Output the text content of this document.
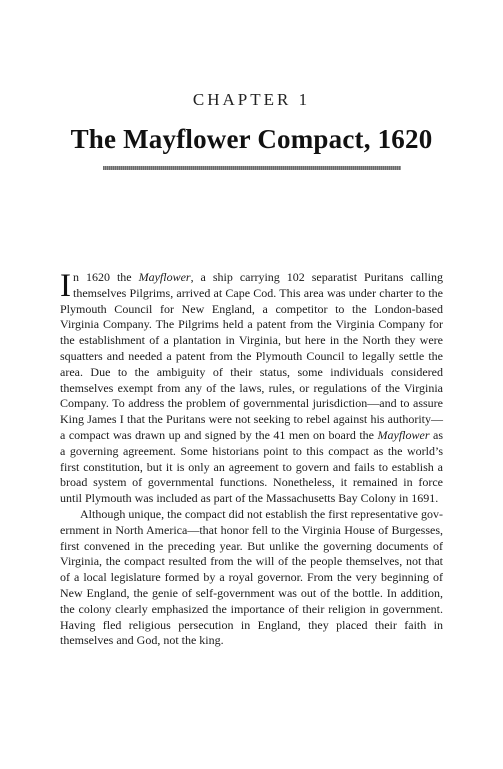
CHAPTER 1
The Mayflower Compact, 1620

In 1620 the Mayflower, a ship carrying 102 separatist Puritans calling themselves Pilgrims, arrived at Cape Cod. This area was under charter to the Plymouth Council for New England, a competitor to the London-based Virginia Company. The Pilgrims held a patent from the Virginia Company for the establishment of a plantation in Virginia, but here in the North they were squatters and needed a patent from the Plymouth Council to legally settle the area. Due to the ambiguity of their status, some individuals considered themselves exempt from any of the laws, rules, or regulations of the Virginia Company. To address the problem of governmental jurisdiction—and to assure King James I that the Puritans were not seeking to rebel against his authority—a compact was drawn up and signed by the 41 men on board the Mayflower as a governing agreement. Some historians point to this compact as the world’s first constitution, but it is only an agreement to govern and fails to establish a broad system of governmental functions. Nonetheless, it remained in force until Plymouth was included as part of the Massachusetts Bay Colony in 1691.

Although unique, the compact did not establish the first representative government in North America—that honor fell to the Virginia House of Burgesses, first convened in the preceding year. But unlike the governing documents of Virginia, the compact resulted from the will of the people themselves, not that of a local legislature formed by a royal governor. From the very beginning of New England, the genie of self-government was out of the bottle. In addition, the colony clearly emphasized the importance of their religion in government. Having fled religious persecution in England, they placed their faith in themselves and God, not the king.
